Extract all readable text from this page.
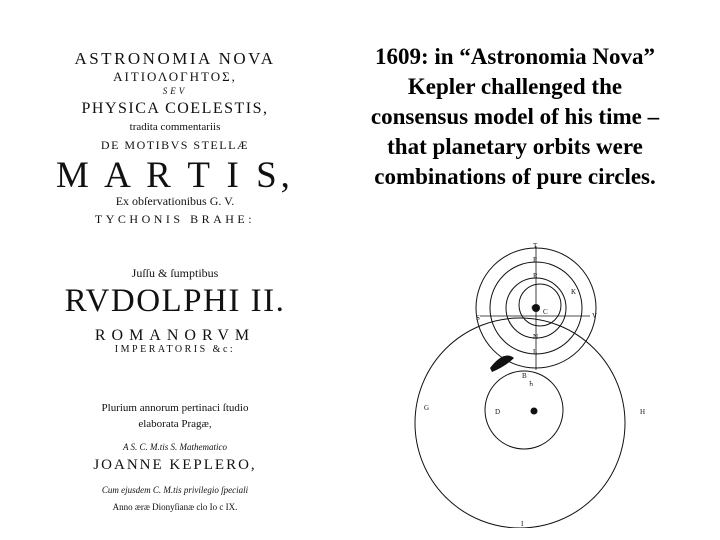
ASTRONOMIA NOVA
ΑΙΤΙΟΛΟΓΗΤΟΣ,
SEV
PHYSICA COELESTIS,
tradita commentariis
DE MOTIBVS STELLÆ
M A R T I S,
Ex obſervationibus G. V.
TYCHONIS BRAHE:
Juſſu & ſumptibus
RVDOLPHI II.
ROMANORVM
IMPERATORIS &c:
Plurium annorum pertinaci ſtudio
elaborata Pragæ,
A S. C. M.tis S. Mathematico
JOANNE KEPLERO,
Cum ejusdem C. M.tis privilegio ſpeciali
Anno æræ Dionyſianæ clo Io c IX.
1609: in “Astronomia Nova”
Kepler challenged the
consensus model of his time –
that planetary orbits were
combinations of pure circles.
T
P
R
K
S
C	V
N
L
B
D
G	H
I
☉
♄
